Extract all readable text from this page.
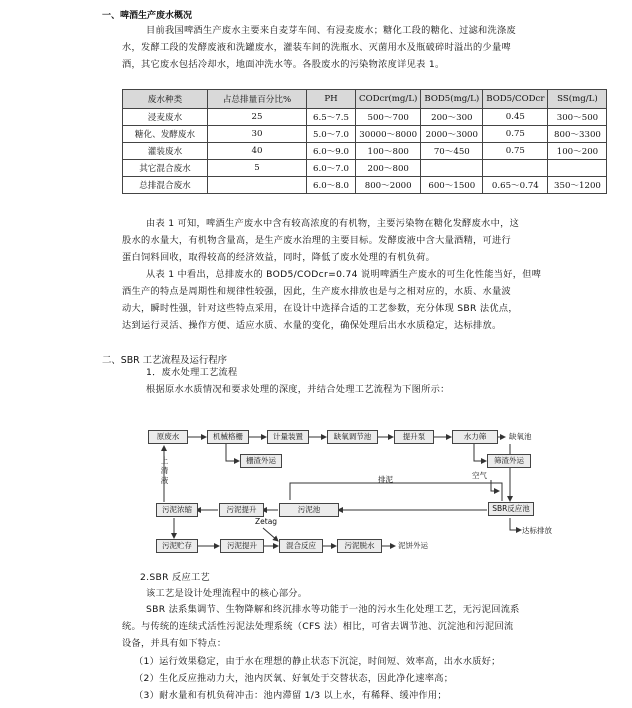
一、啤酒生产废水概况
目前我国啤酒生产废水主要来自麦芽车间、有浸麦废水；糖化工段的糖化、过滤和洗涤废
水，发酵工段的发酵废液和洗罐废水，灌装车间的洗瓶水、灭菌用水及瓶破碎时溢出的少量啤
酒，其它废水包括冷却水，地面冲洗水等。各股废水的污染物浓度详见表 1。
废水种类	占总排量百分比%	PH	CODcr(mg/L)	BOD5(mg/L)	BOD5/CODcr	SS(mg/L)
浸麦废水	25	6.5～7.5	500～700	200～300	0.45	300～500
糖化、发酵废水	30	5.0～7.0	30000～8000	2000～3000	0.75	800～3300
灌装废水	40	6.0～9.0	100～800	70～450	0.75	100～200
其它混合废水	5	6.0～7.0	200～800			
总排混合废水		6.0～8.0	800～2000	600～1500	0.65～0.74	350～1200
由表 1 可知，啤酒生产废水中含有较高浓度的有机物，主要污染物在糖化发酵废水中，这
股水的水量大，有机物含量高，是生产废水治理的主要目标。发酵废液中含大量酒精，可进行
蛋白饲料回收，取得较高的经济效益，同时，降低了废水处理的有机负荷。
从表 1 中看出，总排废水的 BOD5/CODcr=0.74 说明啤酒生产废水的可生化性能当好，但啤
酒生产的特点是周期性和规律性较强，因此，生产废水排放也是与之相对应的，水质、水量波
动大，瞬时性强，针对这些特点采用，在设计中选择合适的工艺参数，充分体现 SBR 法优点，
达到运行灵活、操作方便、适应水质、水量的变化，确保处理后出水水质稳定，达标排放。
二、SBR 工艺流程及运行程序
1．废水处理工艺流程
根据原水水质情况和要求处理的深度，并结合处理工艺流程为下图所示：
原废水	机械格栅	计量装置	缺氧调节池	提升泵	水力筛	缺氧池
栅渣外运	筛渣外运
上清液	排泥	空气
污泥浓缩	污泥提升	污泥池	SBR反应池
Zetag
达标排放
污泥贮存	污泥提升	混合反应	污泥脱水	泥饼外运
2.SBR 反应工艺
该工艺是设计处理流程中的核心部分。
SBR 法系集调节、生物降解和终沉排水等功能于一池的污水生化处理工艺，无污泥回流系
统。与传统的连续式活性污泥法处理系统（CFS 法）相比，可省去调节池、沉淀池和污泥回流
设备，并具有如下特点：
（1）运行效果稳定，由于水在理想的静止状态下沉淀，时间短、效率高，出水水质好；
（2）生化反应推动力大，池内厌氧、好氧处于交替状态，因此净化速率高；
（3）耐水量和有机负荷冲击：池内滞留 1/3 以上水，有稀释、缓冲作用；
